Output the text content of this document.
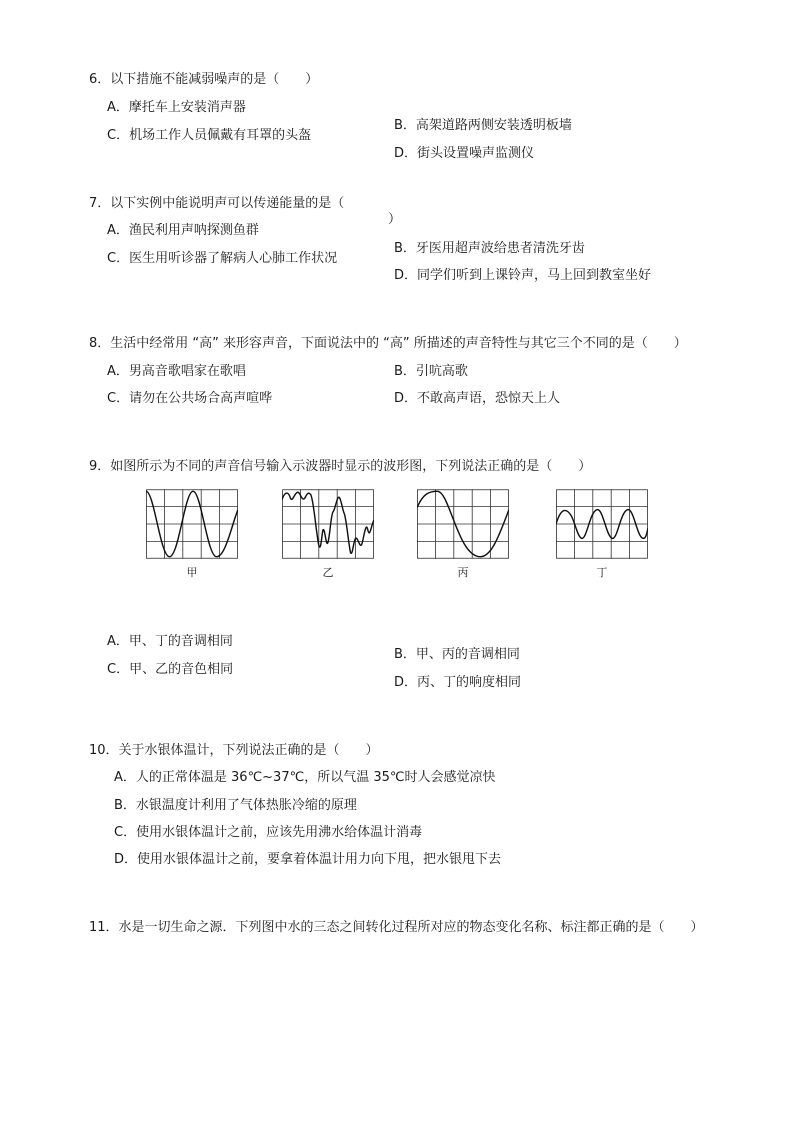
6．以下措施不能减弱噪声的是（　　）
A．摩托车上安装消声器
B．高架道路两侧安装透明板墙
C．机场工作人员佩戴有耳罩的头盔
D．街头设置噪声监测仪
7．以下实例中能说明声可以传递能量的是（
）
A．渔民利用声呐探测鱼群
B．牙医用超声波给患者清洗牙齿
C．医生用听诊器了解病人心肺工作状况
D．同学们听到上课铃声，马上回到教室坐好
8．生活中经常用 “高” 来形容声音，下面说法中的 “高” 所描述的声音特性与其它三个不同的是（　　）
A．男高音歌唱家在歌唱	B．引吭高歌
C．请勿在公共场合高声喧哗	D．不敢高声语，恐惊天上人
9．如图所示为不同的声音信号输入示波器时显示的波形图，下列说法正确的是（　　）
甲	乙	丙	丁
A．甲、丁的音调相同
B．甲、丙的音调相同
C．甲、乙的音色相同
D．丙、丁的响度相同
10．关于水银体温计，下列说法正确的是（　　）
A．人的正常体温是 36℃~37℃，所以气温 35℃时人会感觉凉快
B．水银温度计利用了气体热胀冷缩的原理
C．使用水银体温计之前，应该先用沸水给体温计消毒
D．使用水银体温计之前，要拿着体温计用力向下甩，把水银甩下去
11．水是一切生命之源．下列图中水的三态之间转化过程所对应的物态变化名称、标注都正确的是（　　）
